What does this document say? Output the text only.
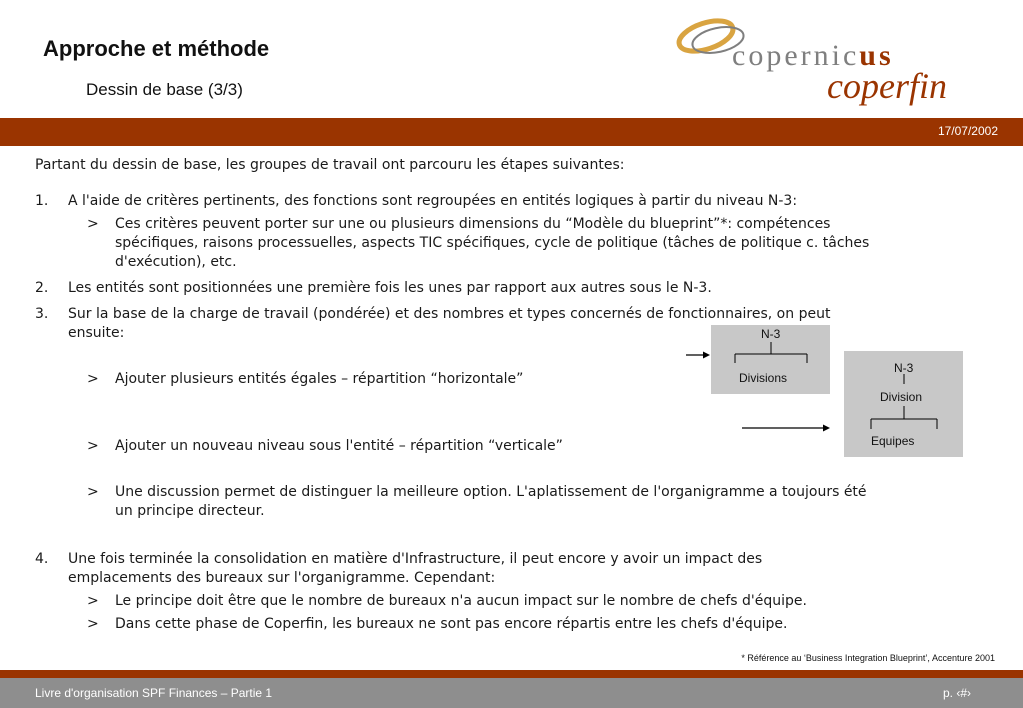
Approche et méthode
Dessin de base (3/3)
copernicus
coperfin
17/07/2002
Partant du dessin de base, les groupes de travail ont parcouru les étapes suivantes:
1. A l'aide de critères pertinents, des fonctions sont regroupées en entités logiques à partir du niveau N-3:
> Ces critères peuvent porter sur une ou plusieurs dimensions du “Modèle du blueprint”*: compétences
spécifiques, raisons processuelles, aspects TIC spécifiques, cycle de politique (tâches de politique c. tâches
d'exécution), etc.
2. Les entités sont positionnées une première fois les unes par rapport aux autres sous le N-3.
3. Sur la base de la charge de travail (pondérée) et des nombres et types concernés de fonctionnaires, on peut
ensuite:
> Ajouter plusieurs entités égales – répartition “horizontale”
> Ajouter un nouveau niveau sous l'entité – répartition “verticale”
> Une discussion permet de distinguer la meilleure option. L'aplatissement de l'organigramme a toujours été
un principe directeur.
4. Une fois terminée la consolidation en matière d'Infrastructure, il peut encore y avoir un impact des
emplacements des bureaux sur l'organigramme. Cependant:
> Le principe doit être que le nombre de bureaux n'a aucun impact sur le nombre de chefs d'équipe.
> Dans cette phase de Coperfin, les bureaux ne sont pas encore répartis entre les chefs d'équipe.
N-3
Divisions
N-3
Division
Equipes
* Référence au ‘Business Integration Blueprint’, Accenture 2001
Livre d'organisation SPF Finances – Partie 1	p. ‹#›
